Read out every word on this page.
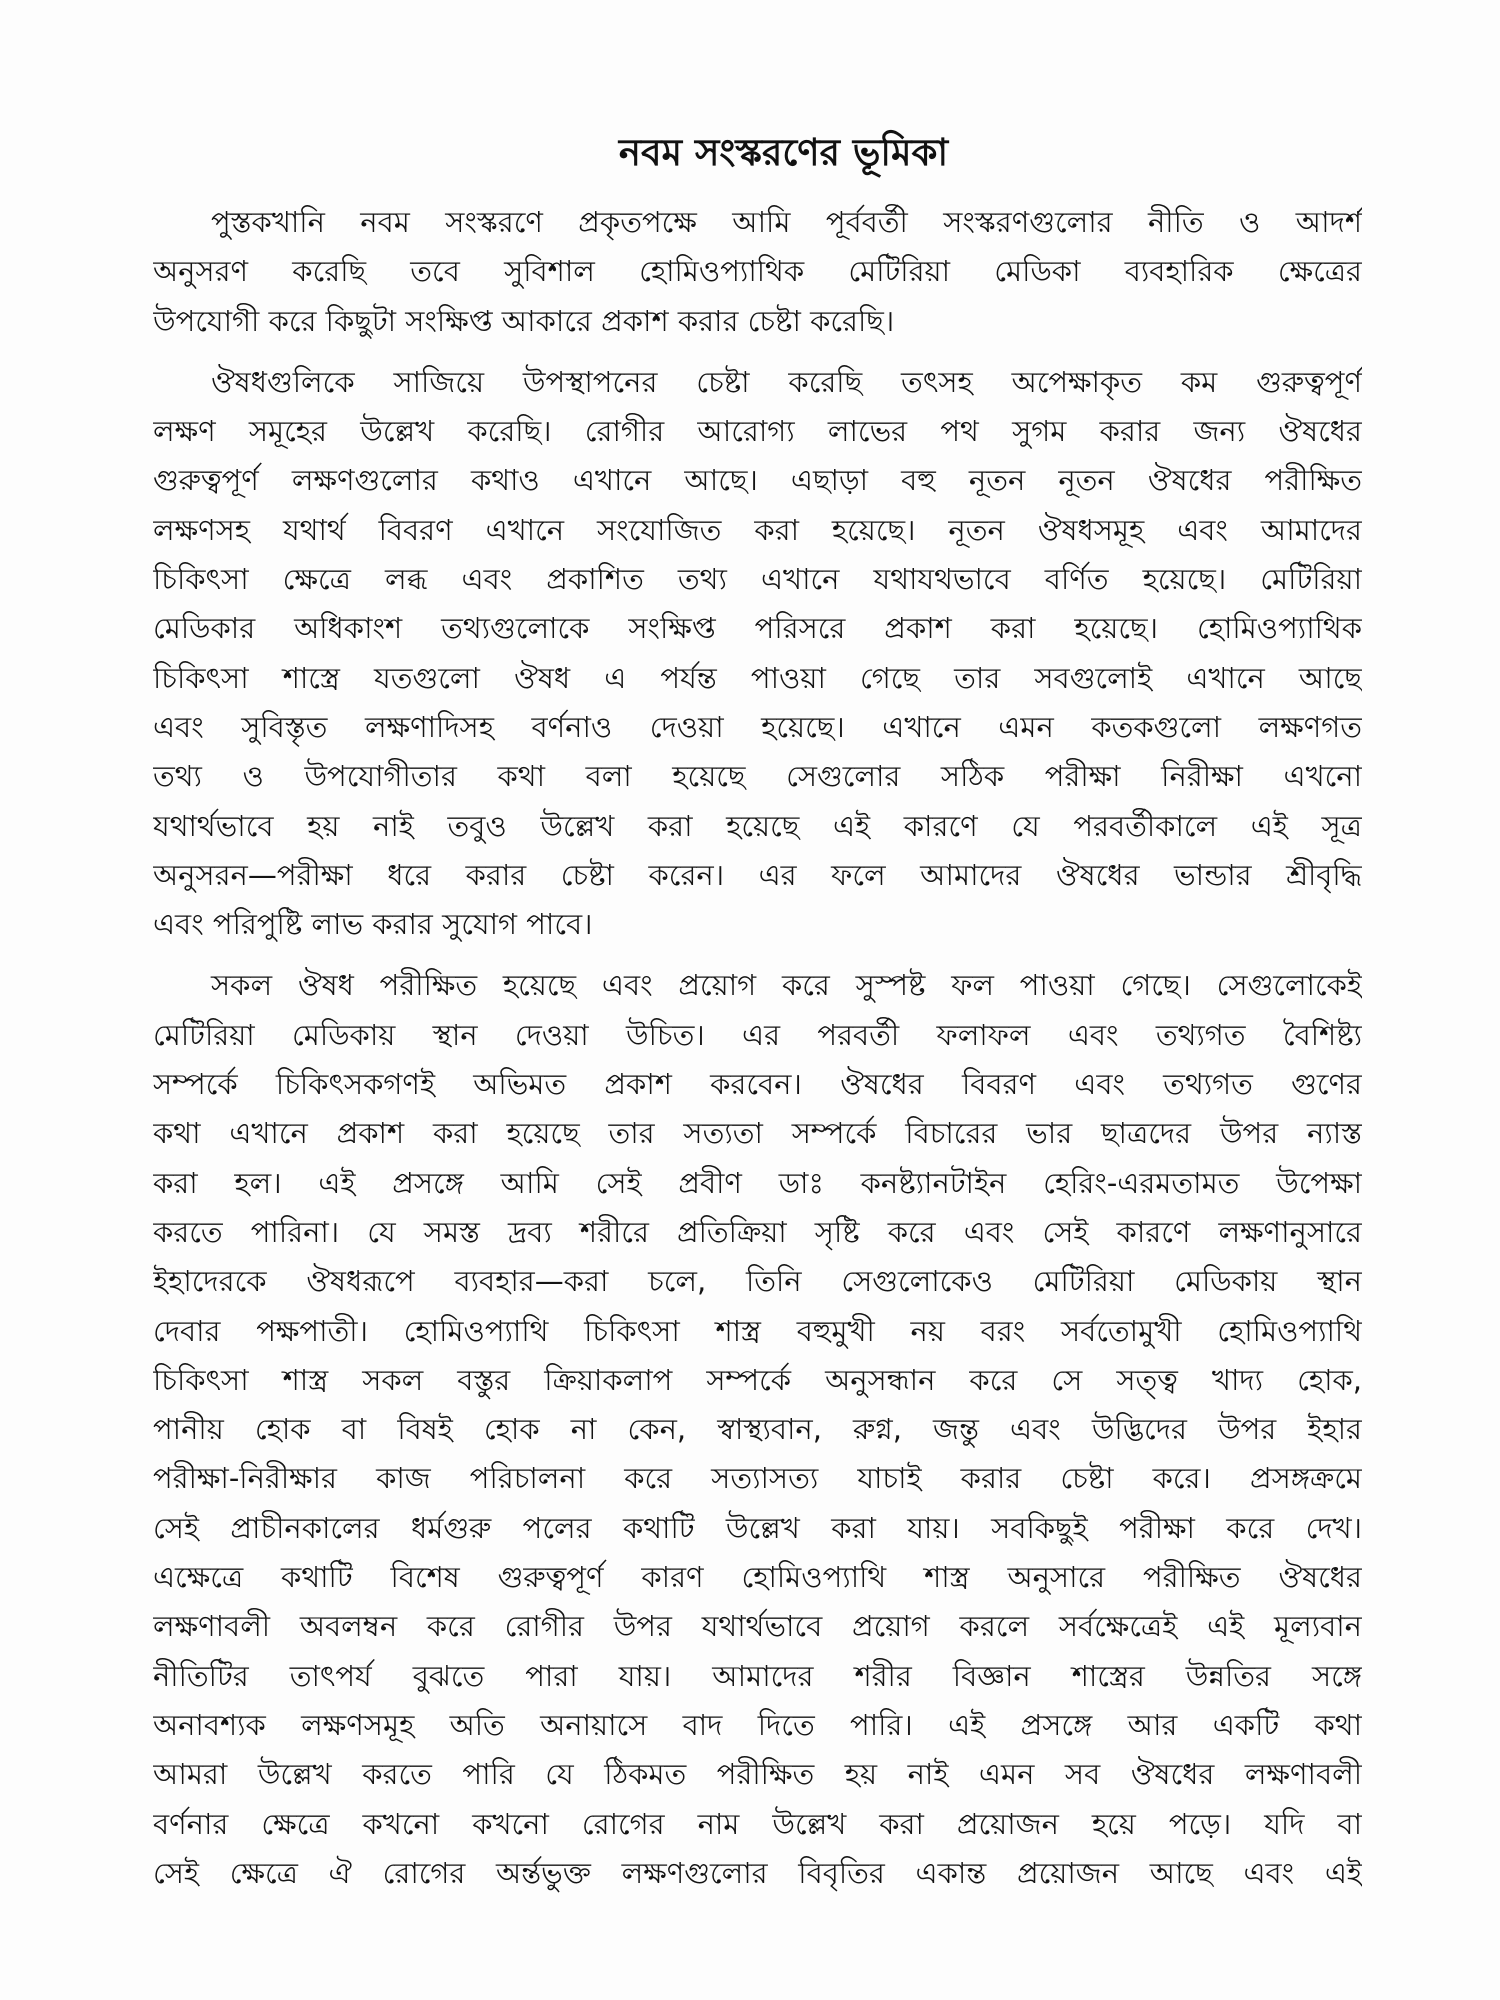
নবম সংস্করণের ভূমিকা
পুস্তকখানি নবম সংস্করণে প্রকৃতপক্ষে আমি পূর্ববর্তী সংস্করণগুলোর নীতি ও আদর্শ
অনুসরণ করেছি তবে সুবিশাল হোমিওপ্যাথিক মেটিরিয়া মেডিকা ব্যবহারিক ক্ষেত্রের
উপযোগী করে কিছুটা সংক্ষিপ্ত আকারে প্রকাশ করার চেষ্টা করেছি।
ঔষধগুলিকে সাজিয়ে উপস্থাপনের চেষ্টা করেছি তৎসহ অপেক্ষাকৃত কম গুরুত্বপূর্ণ
লক্ষণ সমূহের উল্লেখ করেছি। রোগীর আরোগ্য লাভের পথ সুগম করার জন্য ঔষধের
গুরুত্বপূর্ণ লক্ষণগুলোর কথাও এখানে আছে। এছাড়া বহু নূতন নূতন ঔষধের পরীক্ষিত
লক্ষণসহ যথার্থ বিবরণ এখানে সংযোজিত করা হয়েছে। নূতন ঔষধসমূহ এবং আমাদের
চিকিৎসা ক্ষেত্রে লব্ধ এবং প্রকাশিত তথ্য এখানে যথাযথভাবে বর্ণিত হয়েছে। মেটিরিয়া
মেডিকার অধিকাংশ তথ্যগুলোকে সংক্ষিপ্ত পরিসরে প্রকাশ করা হয়েছে। হোমিওপ্যাথিক
চিকিৎসা শাস্ত্রে যতগুলো ঔষধ এ পর্যন্ত পাওয়া গেছে তার সবগুলোই এখানে আছে
এবং সুবিস্তৃত লক্ষণাদিসহ বর্ণনাও দেওয়া হয়েছে। এখানে এমন কতকগুলো লক্ষণগত
তথ্য ও উপযোগীতার কথা বলা হয়েছে সেগুলোর সঠিক পরীক্ষা নিরীক্ষা এখনো
যথার্থভাবে হয় নাই তবুও উল্লেখ করা হয়েছে এই কারণে যে পরবর্তীকালে এই সূত্র
অনুসরন—পরীক্ষা ধরে করার চেষ্টা করেন। এর ফলে আমাদের ঔষধের ভান্ডার শ্রীবৃদ্ধি
এবং পরিপুষ্টি লাভ করার সুযোগ পাবে।
সকল ঔষধ পরীক্ষিত হয়েছে এবং প্রয়োগ করে সুস্পষ্ট ফল পাওয়া গেছে। সেগুলোকেই
মেটিরিয়া মেডিকায় স্থান দেওয়া উচিত। এর পরবর্তী ফলাফল এবং তথ্যগত বৈশিষ্ট্য
সম্পর্কে চিকিৎসকগণই অভিমত প্রকাশ করবেন। ঔষধের বিবরণ এবং তথ্যগত গুণের
কথা এখানে প্রকাশ করা হয়েছে তার সত্যতা সম্পর্কে বিচারের ভার ছাত্রদের উপর ন্যাস্ত
করা হল। এই প্রসঙ্গে আমি সেই প্রবীণ ডাঃ কনষ্ট্যানটাইন হেরিং-এরমতামত উপেক্ষা
করতে পারিনা। যে সমস্ত দ্রব্য শরীরে প্রতিক্রিয়া সৃষ্টি করে এবং সেই কারণে লক্ষণানুসারে
ইহাদেরকে ঔষধরূপে ব্যবহার—করা চলে, তিনি সেগুলোকেও মেটিরিয়া মেডিকায় স্থান
দেবার পক্ষপাতী। হোমিওপ্যাথি চিকিৎসা শাস্ত্র বহুমুখী নয় বরং সর্বতোমুখী হোমিওপ্যাথি
চিকিৎসা শাস্ত্র সকল বস্তুর ক্রিয়াকলাপ সম্পর্কে অনুসন্ধান করে সে সত্ত্ব খাদ্য হোক,
পানীয় হোক বা বিষই হোক না কেন, স্বাস্থ্যবান, রুগ্ন, জন্তু এবং উদ্ভিদের উপর ইহার
পরীক্ষা-নিরীক্ষার কাজ পরিচালনা করে সত্যাসত্য যাচাই করার চেষ্টা করে। প্রসঙ্গক্রমে
সেই প্রাচীনকালের ধর্মগুরু পলের কথাটি উল্লেখ করা যায়। সবকিছুই পরীক্ষা করে দেখ।
এক্ষেত্রে কথাটি বিশেষ গুরুত্বপূর্ণ কারণ হোমিওপ্যাথি শাস্ত্র অনুসারে পরীক্ষিত ঔষধের
লক্ষণাবলী অবলম্বন করে রোগীর উপর যথার্থভাবে প্রয়োগ করলে সর্বক্ষেত্রেই এই মূল্যবান
নীতিটির তাৎপর্য বুঝতে পারা যায়। আমাদের শরীর বিজ্ঞান শাস্ত্রের উন্নতির সঙ্গে
অনাবশ্যক লক্ষণসমূহ অতি অনায়াসে বাদ দিতে পারি। এই প্রসঙ্গে আর একটি কথা
আমরা উল্লেখ করতে পারি যে ঠিকমত পরীক্ষিত হয় নাই এমন সব ঔষধের লক্ষণাবলী
বর্ণনার ক্ষেত্রে কখনো কখনো রোগের নাম উল্লেখ করা প্রয়োজন হয়ে পড়ে। যদি বা
সেই ক্ষেত্রে ঐ রোগের অর্ন্তভুক্ত লক্ষণগুলোর বিবৃতির একান্ত প্রয়োজন আছে এবং এই
